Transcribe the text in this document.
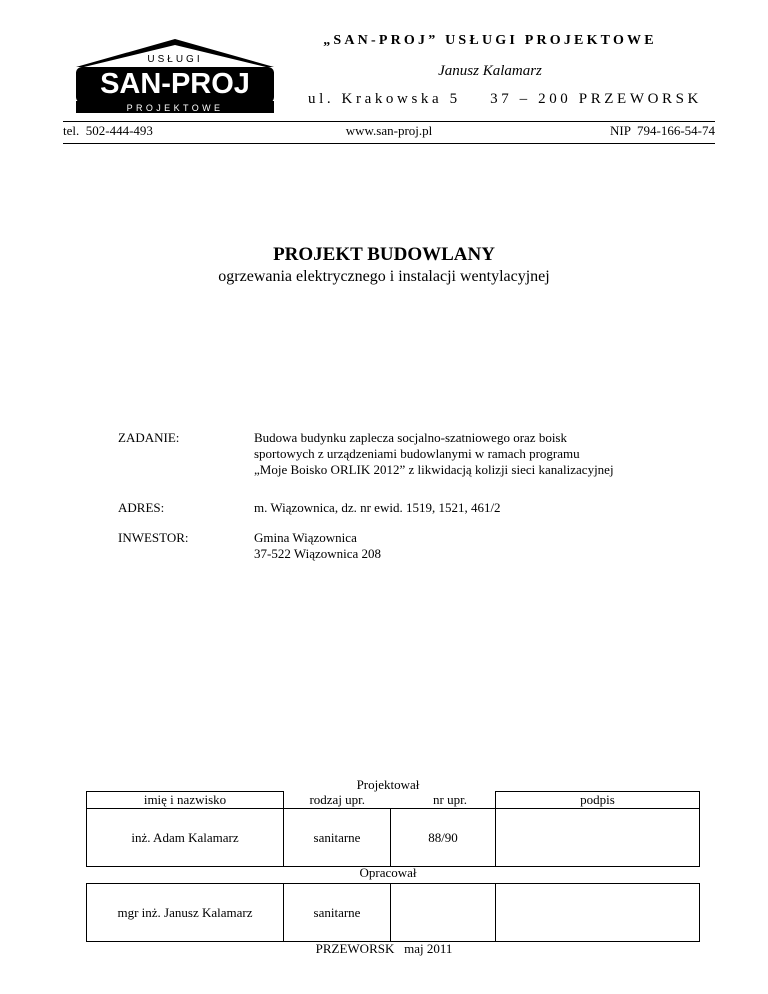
USŁUGI
SAN-PROJ
PROJEKTOWE
„SAN-PROJ” USŁUGI PROJEKTOWE
Janusz Kalamarz
ul. Krakowska 5    37 – 200 PRZEWORSK
tel.  502-444-493	www.san-proj.pl	NIP  794-166-54-74
PROJEKT BUDOWLANY
ogrzewania elektrycznego i instalacji wentylacyjnej
ZADANIE:	Budowa budynku zaplecza socjalno-szatniowego oraz boisk
sportowych z urządzeniami budowlanymi w ramach programu
„Moje Boisko ORLIK 2012” z likwidacją kolizji sieci kanalizacyjnej
ADRES:	m. Wiązownica, dz. nr ewid. 1519, 1521, 461/2
INWESTOR:	Gmina Wiązownica
37-522 Wiązownica 208
Projektował
imię i nazwisko	rodzaj upr.	nr upr.	podpis
inż. Adam Kalamarz	sanitarne	88/90	
Opracował
mgr inż. Janusz Kalamarz	sanitarne		
PRZEWORSK   maj 2011
